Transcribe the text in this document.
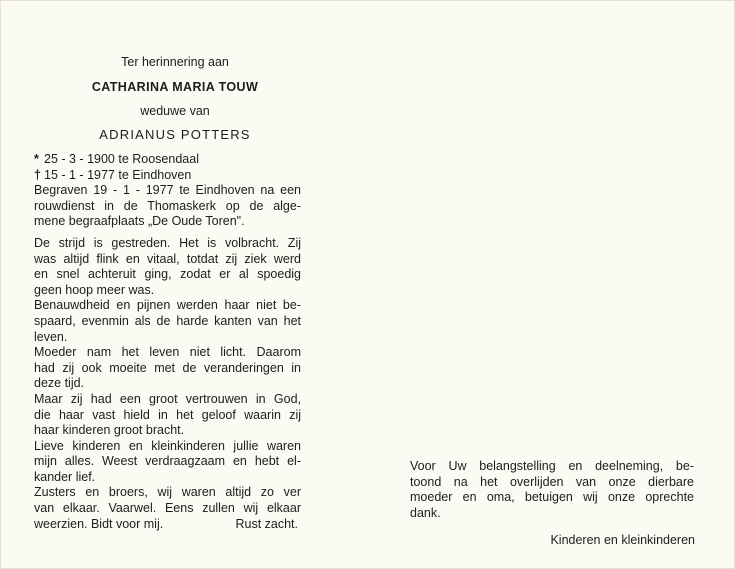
Ter herinnering aan
CATHARINA MARIA TOUW
weduwe van
ADRIANUS POTTERS
* 25 - 3 - 1900 te Roosendaal
† 15 - 1 - 1977 te Eindhoven
Begraven 19 - 1 - 1977 te Eindhoven na een
rouwdienst in de Thomaskerk op de alge-
mene begraafplaats „De Oude Toren".
De strijd is gestreden. Het is volbracht. Zij
was altijd flink en vitaal, totdat zij ziek werd
en snel achteruit ging, zodat er al spoedig
geen hoop meer was.
Benauwdheid en pijnen werden haar niet be-
spaard, evenmin als de harde kanten van het
leven.
Moeder nam het leven niet licht. Daarom
had zij ook moeite met de veranderingen in
deze tijd.
Maar zij had een groot vertrouwen in God,
die haar vast hield in het geloof waarin zij
haar kinderen groot bracht.
Lieve kinderen en kleinkinderen jullie waren
mijn alles. Weest verdraagzaam en hebt el-
kander lief.
Zusters en broers, wij waren altijd zo ver
van elkaar. Vaarwel. Eens zullen wij elkaar
weerzien. Bidt voor mij.	Rust zacht.
Voor Uw belangstelling en deelneming, be-
toond na het overlijden van onze dierbare
moeder en oma, betuigen wij onze oprechte
dank.
Kinderen en kleinkinderen
